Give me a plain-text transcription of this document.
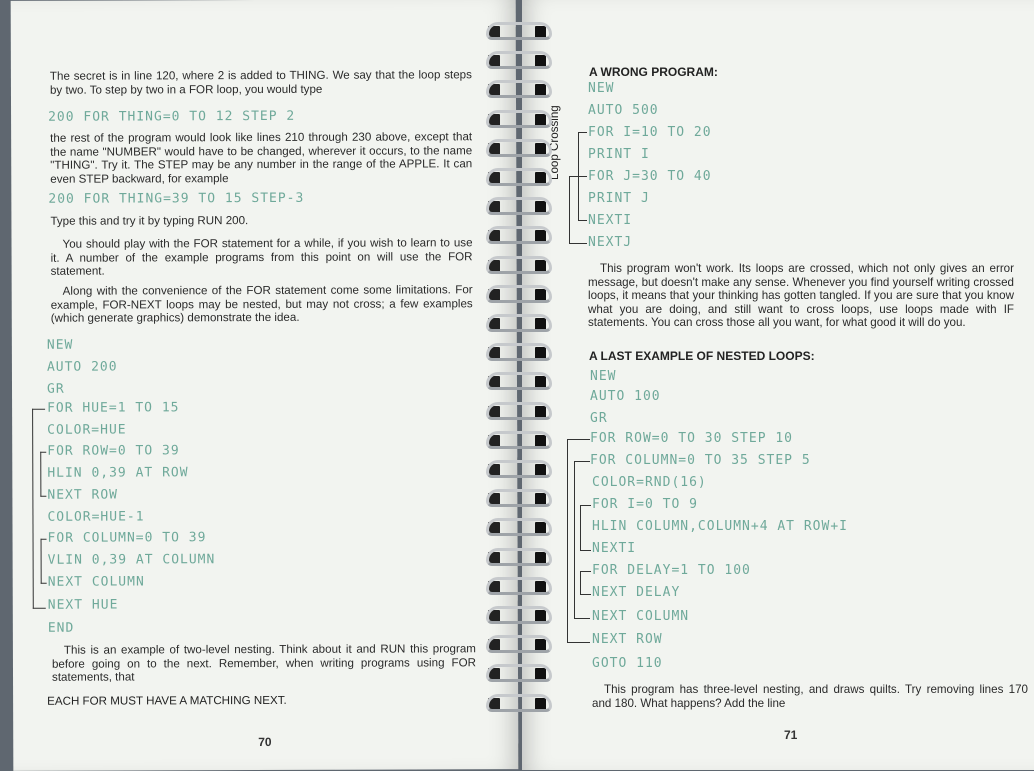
The secret is in line 120, where 2 is added to THING. We say that the loop steps by two. To step by two in a FOR loop, you would type

200 FOR THING=0 TO 12 STEP 2

the rest of the program would look like lines 210 through 230 above, except that the name "NUMBER" would have to be changed, wherever it occurs, to the name "THING". Try it. The STEP may be any number in the range of the APPLE. It can even STEP backward, for example

200 FOR THING=39 TO 15 STEP-3

Type this and try it by typing RUN 200.

You should play with the FOR statement for a while, if you wish to learn to use it. A number of the example programs from this point on will use the FOR statement.

Along with the convenience of the FOR statement come some limitations. For example, FOR-NEXT loops may be nested, but may not cross; a few examples (which generate graphics) demonstrate the idea.

NEW
AUTO 200
GR
FOR HUE=1 TO 15
COLOR=HUE
FOR ROW=0 TO 39
HLIN 0,39 AT ROW
NEXT ROW
COLOR=HUE-1
FOR COLUMN=0 TO 39
VLIN 0,39 AT COLUMN
NEXT COLUMN
NEXT HUE
END

This is an example of two-level nesting. Think about it and RUN this program before going on to the next. Remember, when writing programs using FOR statements, that

EACH FOR MUST HAVE A MATCHING NEXT.
70
A WRONG PROGRAM:
NEW
AUTO 500
FOR I=10 TO 20
PRINT I
FOR J=30 TO 40
PRINT J
NEXTI
NEXTJ

This program won't work. Its loops are crossed, which not only gives an error message, but doesn't make any sense. Whenever you find yourself writing crossed loops, it means that your thinking has gotten tangled. If you are sure that you know what you are doing, and still want to cross loops, use loops made with IF statements. You can cross those all you want, for what good it will do you.

A LAST EXAMPLE OF NESTED LOOPS:
NEW
AUTO 100
GR
FOR ROW=0 TO 30 STEP 10
FOR COLUMN=0 TO 35 STEP 5
COLOR=RND(16)
FOR I=0 TO 9
HLIN COLUMN,COLUMN+4 AT ROW+I
NEXTI
FOR DELAY=1 TO 100
NEXT DELAY
NEXT COLUMN
NEXT ROW
GOTO 110

This program has three-level nesting, and draws quilts. Try removing lines 170 and 180. What happens? Add the line

71
Loop Crossing
